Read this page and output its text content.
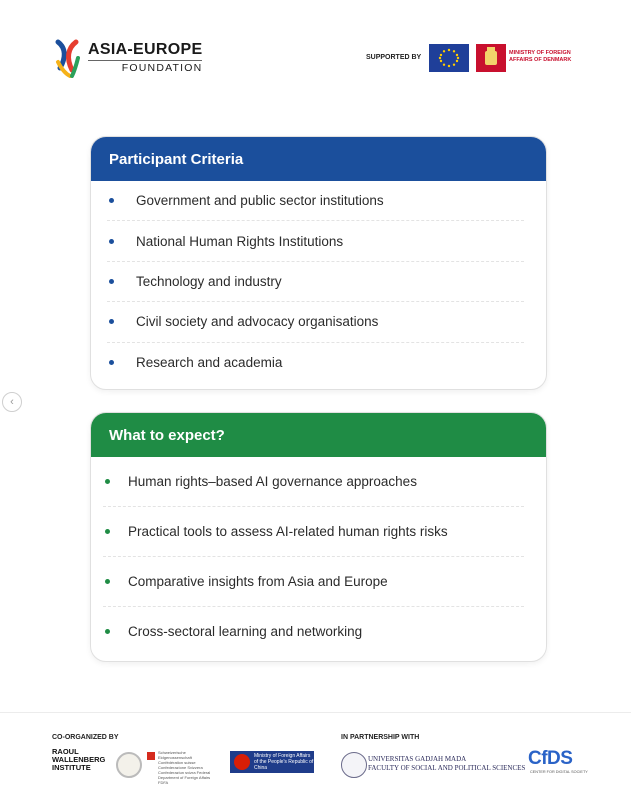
ASIA-EUROPE
FOUNDATION
SUPPORTED BY
MINISTRY OF FOREIGN AFFAIRS OF DENMARK
Participant Criteria
Government and public sector institutions
National Human Rights Institutions
Technology and industry
Civil society and advocacy organisations
Research and academia
‹
What to expect?
Human rights–based AI governance approaches
Practical tools to assess AI-related human rights risks
Comparative insights from Asia and Europe
Cross-sectoral learning and networking
CO-ORGANIZED BY	IN PARTNERSHIP WITH
RAOUL WALLENBERG INSTITUTE
Schweizerische Eidgenossenschaft Confédération suisse Confederazione Svizzera Confederaziun svizra Federal Department of Foreign Affairs FDFA
Ministry of Foreign Affairs of the People's Republic of China
UNIVERSITAS GADJAH MADA
FACULTY OF SOCIAL AND POLITICAL SCIENCES CfDS
CENTER FOR DIGITAL SOCIETY
